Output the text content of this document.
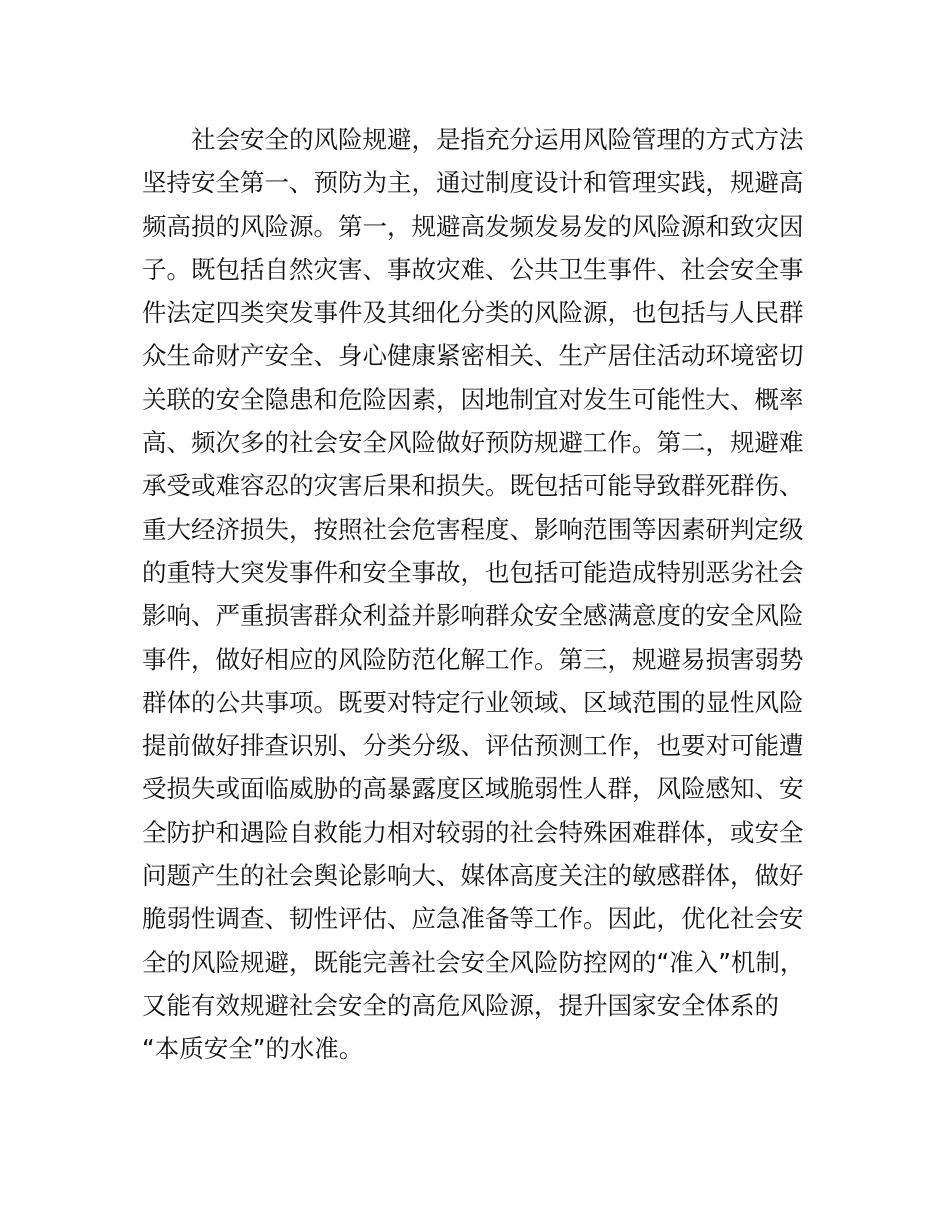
社会安全的风险规避，是指充分运用风险管理的方式方法
坚持安全第一、预防为主，通过制度设计和管理实践，规避高
频高损的风险源。第一，规避高发频发易发的风险源和致灾因
子。既包括自然灾害、事故灾难、公共卫生事件、社会安全事
件法定四类突发事件及其细化分类的风险源，也包括与人民群
众生命财产安全、身心健康紧密相关、生产居住活动环境密切
关联的安全隐患和危险因素，因地制宜对发生可能性大、概率
高、频次多的社会安全风险做好预防规避工作。第二，规避难
承受或难容忍的灾害后果和损失。既包括可能导致群死群伤、
重大经济损失，按照社会危害程度、影响范围等因素研判定级
的重特大突发事件和安全事故，也包括可能造成特别恶劣社会
影响、严重损害群众利益并影响群众安全感满意度的安全风险
事件，做好相应的风险防范化解工作。第三，规避易损害弱势
群体的公共事项。既要对特定行业领域、区域范围的显性风险
提前做好排查识别、分类分级、评估预测工作，也要对可能遭
受损失或面临威胁的高暴露度区域脆弱性人群，风险感知、安
全防护和遇险自救能力相对较弱的社会特殊困难群体，或安全
问题产生的社会舆论影响大、媒体高度关注的敏感群体，做好
脆弱性调查、韧性评估、应急准备等工作。因此，优化社会安
全的风险规避，既能完善社会安全风险防控网的“准入”机制，
又能有效规避社会安全的高危风险源，提升国家安全体系的
“本质安全”的水准。
